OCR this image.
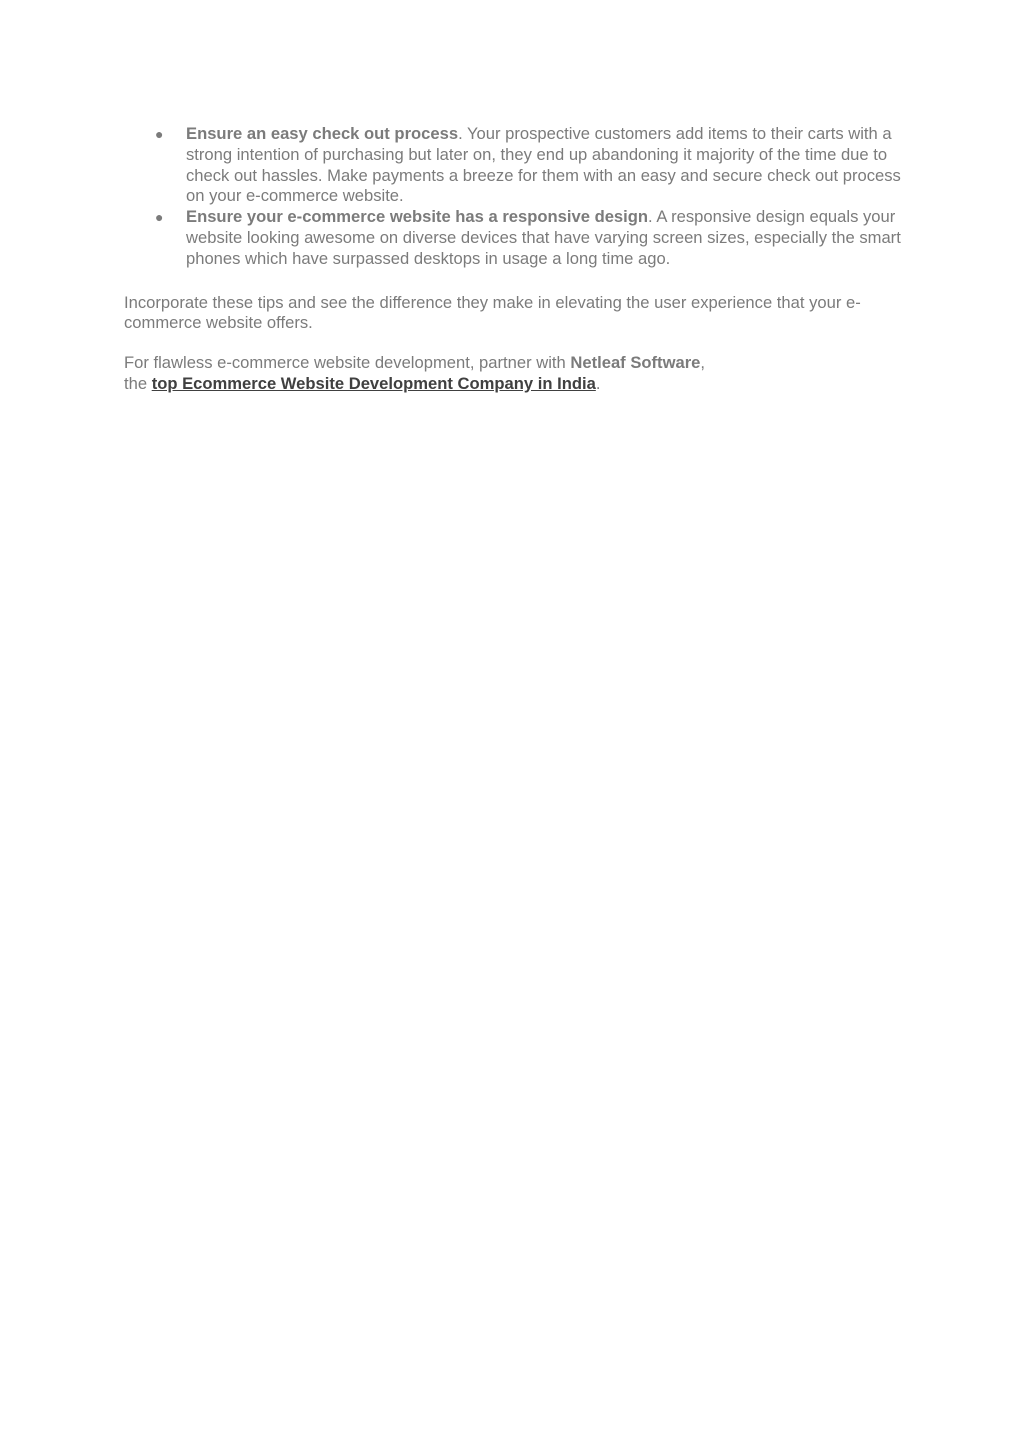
● Ensure an easy check out process. Your prospective customers add items to their carts with a strong intention of purchasing but later on, they end up abandoning it majority of the time due to check out hassles. Make payments a breeze for them with an easy and secure check out process on your e-commerce website.
● Ensure your e-commerce website has a responsive design. A responsive design equals your website looking awesome on diverse devices that have varying screen sizes, especially the smart phones which have surpassed desktops in usage a long time ago.

Incorporate these tips and see the difference they make in elevating the user experience that your e-commerce website offers.

For flawless e-commerce website development, partner with Netleaf Software,
the top Ecommerce Website Development Company in India.
